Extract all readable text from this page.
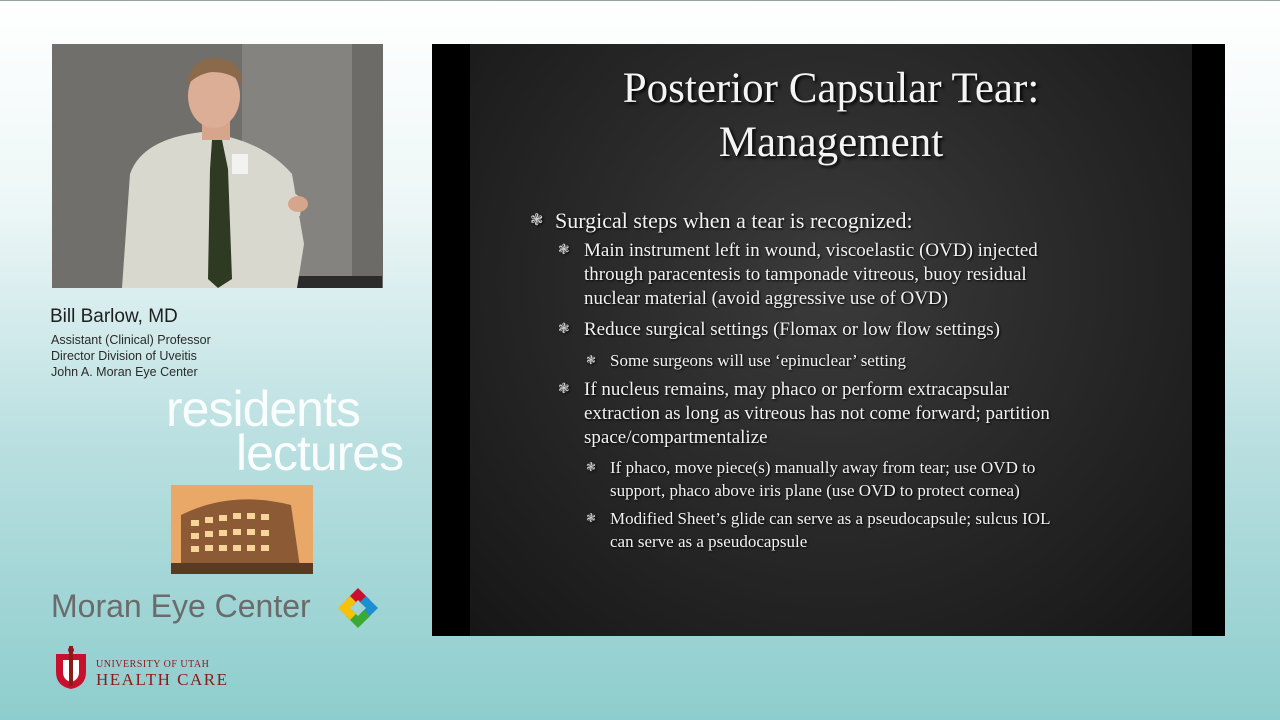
Bill Barlow, MD
Assistant (Clinical) Professor
Director Division of Uveitis
John A. Moran Eye Center
residents
lectures
Moran Eye Center
UNIVERSITY OF UTAH
HEALTH CARE
Posterior Capsular Tear:
Management
❃ Surgical steps when a tear is recognized:
❃ Main instrument left in wound, viscoelastic (OVD) injected
through paracentesis to tamponade vitreous, buoy residual
nuclear material (avoid aggressive use of OVD)
❃ Reduce surgical settings (Flomax or low flow settings)
❃ Some surgeons will use ‘epinuclear’ setting
❃ If nucleus remains, may phaco or perform extracapsular
extraction as long as vitreous has not come forward; partition
space/compartmentalize
❃ If phaco, move piece(s) manually away from tear; use OVD to
support, phaco above iris plane (use OVD to protect cornea)
❃ Modified Sheet’s glide can serve as a pseudocapsule; sulcus IOL
can serve as a pseudocapsule
